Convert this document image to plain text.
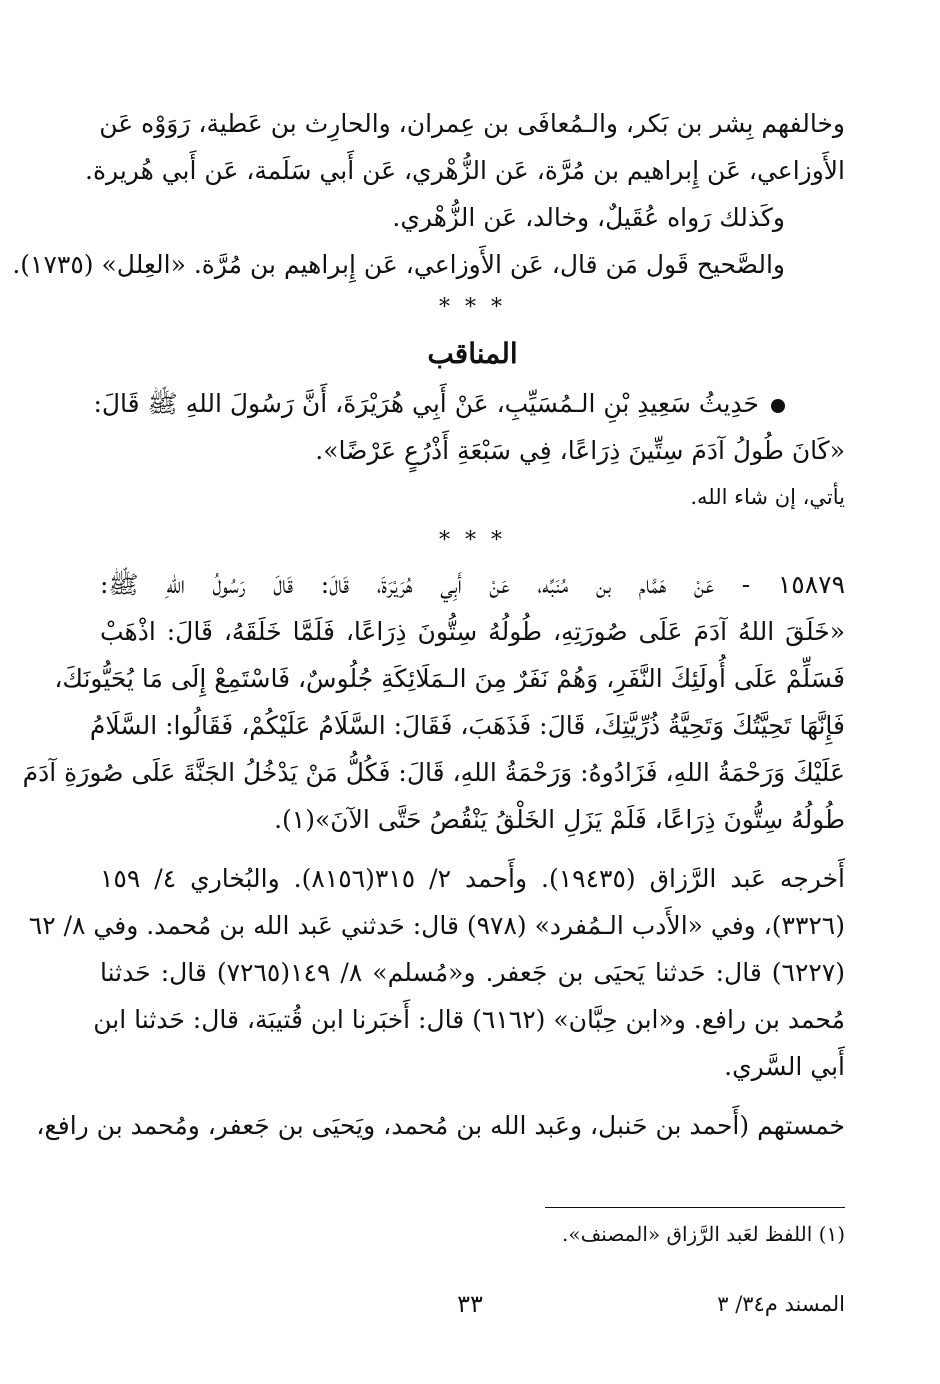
وخالفهم بِشر بن بَكر، والـمُعافَى بن عِمران، والحارِث بن عَطية، رَوَوْه عَن
الأَوزاعي، عَن إِبراهيم بن مُرَّة، عَن الزُّهْري، عَن أَبي سَلَمة، عَن أَبي هُريرة.
وكَذلك رَواه عُقَيلٌ، وخالد، عَن الزُّهْري.
والصَّحيح قَول مَن قال، عَن الأَوزاعي، عَن إِبراهيم بن مُرَّة. «العِلل» (١٧٣٥).
* * *
المناقب
حَدِيثُ سَعِيدِ بْنِ الـمُسَيِّبِ، عَنْ أَبِي هُرَيْرَةَ، أَنَّ رَسُولَ اللهِ ﷺ قَالَ:
«كَانَ طُولُ آدَمَ سِتِّينَ ذِرَاعًا، فِي سَبْعَةِ أَذْرُعٍ عَرْضًا».
يأتي، إن شاء الله.
* * *
١٥٨٧٩ - عَنْ هَمَّام بن مُنَبِّه، عَنْ أَبِي هُرَيْرَةَ، قَالَ: قَالَ رَسُولُ اللهِ ﷺ:
«خَلَقَ اللهُ آدَمَ عَلَى صُورَتِهِ، طُولُهُ سِتُّونَ ذِرَاعًا، فَلَمَّا خَلَقَهُ، قَالَ: اذْهَبْ
فَسَلِّمْ عَلَى أُولَئِكَ النَّفَرِ، وَهُمْ نَفَرٌ مِنَ الـمَلَائِكَةِ جُلُوسٌ، فَاسْتَمِعْ إِلَى مَا يُحَيُّونَكَ،
فَإِنَّهَا تَحِيَّتُكَ وَتَحِيَّةُ ذُرِّيَّتِكَ، قَالَ: فَذَهَبَ، فَقَالَ: السَّلَامُ عَلَيْكُمْ، فَقَالُوا: السَّلَامُ
عَلَيْكَ وَرَحْمَةُ اللهِ، فَزَادُوهُ: وَرَحْمَةُ اللهِ، قَالَ: فَكُلُّ مَنْ يَدْخُلُ الجَنَّةَ عَلَى صُورَةِ آدَمَ
طُولُهُ سِتُّونَ ذِرَاعًا، فَلَمْ يَزَلِ الخَلْقُ يَنْقُصُ حَتَّى الآنَ»(١).
أَخرجه عَبد الرَّزاق (١٩٤٣٥). وأَحمد ٢/ ٣١٥(٨١٥٦). والبُخاري ٤/ ١٥٩
(٣٣٢٦)، وفي «الأَدب الـمُفرد» (٩٧٨) قال: حَدثني عَبد الله بن مُحمد. وفي ٨/ ٦٢
(٦٢٢٧) قال: حَدثنا يَحيَى بن جَعفر. و«مُسلم» ٨/ ١٤٩(٧٢٦٥) قال: حَدثنا
مُحمد بن رافع. و«ابن حِبَّان» (٦١٦٢) قال: أَخبَرنا ابن قُتيبَة، قال: حَدثنا ابن
أَبي السَّري.
خمستهم (أَحمد بن حَنبل، وعَبد الله بن مُحمد، ويَحيَى بن جَعفر، ومُحمد بن رافع،
(١) اللفظ لعَبد الرَّزاق «المصنف».
٣٣	المسند م٣٤/ ٣
